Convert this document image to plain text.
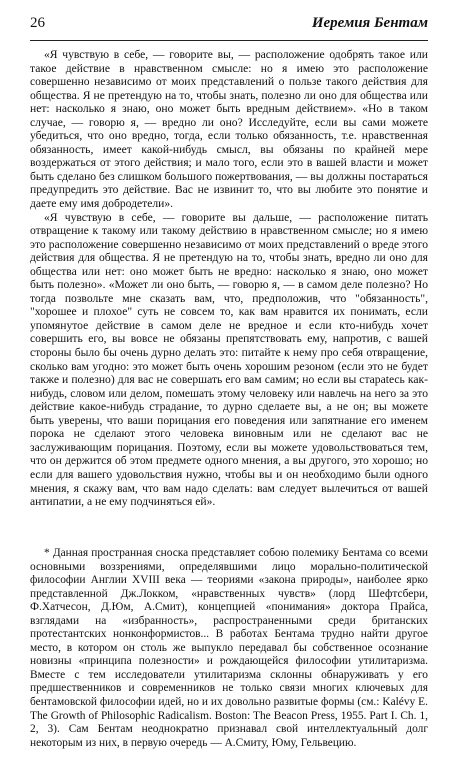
26	Иеремия Бентам

«Я чувствую в себе, — говорите вы, — расположение одобрять такое или такое действие в нравственном смысле: но я имею это расположение совершенно независимо от моих представлений о пользе такого действия для общества. Я не претендую на то, чтобы знать, полезно ли оно для общества или нет: насколько я знаю, оно может быть вредным действием». «Но в таком случае, — говорю я, — вредно ли оно? Исследуйте, если вы сами можете убедиться, что оно вредно, тогда, если только обязанность, т.е. нравственная обязанность, имеет какой-нибудь смысл, вы обязаны по крайней мере воздержаться от этого действия; и мало того, если это в вашей власти и может быть сделано без слишком большого пожертвования, — вы должны постараться предупредить это действие. Вас не извинит то, что вы любите это понятие и даете ему имя добродетели».

«Я чувствую в себе, — говорите вы дальше, — расположение питать отвращение к такому или такому действию в нравственном смысле; но я имею это расположение совершенно независимо от моих представлений о вреде этого действия для общества. Я не претендую на то, чтобы знать, вредно ли оно для общества или нет: оно может быть не вредно: насколько я знаю, оно может быть полезно». «Может ли оно быть, — говорю я, — в самом деле полезно? Но тогда позвольте мне сказать вам, что, предположив, что "обязанность", "хорошее и плохое" суть не совсем то, как вам нравится их понимать, если упомянутое действие в самом деле не вредное и если кто-нибудь хочет совершить его, вы вовсе не обязаны препятствовать ему, напротив, с вашей стороны было бы очень дурно делать это: питайте к нему про себя отвращение, сколько вам угодно: это может быть очень хорошим резоном (если это не будет также и полезно) для вас не совершать его вам самим; но если вы старatесь как-нибудь, словом или делом, помешать этому человеку или навлечь на него за это действие какое-нибудь страдание, то дурно сделаете вы, а не он; вы можете быть уверены, что ваши порицания его поведения или запятнание его именем порока не сделают этого человека виновным или не сделают вас не заслуживающим порицания. Поэтому, если вы можете удовольствоваться тем, что он держится об этом предмете одного мнения, а вы другого, это хорошо; но если для вашего удовольствия нужно, чтобы вы и он необходимо были одного мнения, я скажу вам, что вам надо сделать: вам следует вылечиться от вашей антипатии, а не ему подчиняться ей».

* Данная пространная сноска представляет собою полемику Бентама со всеми основными воззрениями, определявшими лицо морально-политической философии Англии XVIII века — теориями «закона природы», наиболее ярко представленной Дж.Локком, «нравственных чувств» (лорд Шефтсбери, Ф.Хатчесон, Д.Юм, А.Смит), концепцией «понимания» доктора Прайса, взглядами на «избранность», распространенными среди британских протестантских нонконформистов... В работах Бентама трудно найти другое место, в котором он столь же выпукло передавал бы собственное осознание новизны «принципа полезности» и рождающейся философии утилитаризма. Вместе с тем исследователи утилитаризма склонны обнаруживать у его предшественников и современников не только связи многих ключевых для бентамовской философии идей, но и их довольно развитые формы (см.: Kalévy E. The Growth of Philosophic Radicalism. Boston: The Beacon Press, 1955. Part I. Ch. 1, 2, 3). Сам Бентам неоднократно признавал свой интеллектуальный долг некоторым из них, в первую очередь — А.Смиту, Юму, Гельвецию.
